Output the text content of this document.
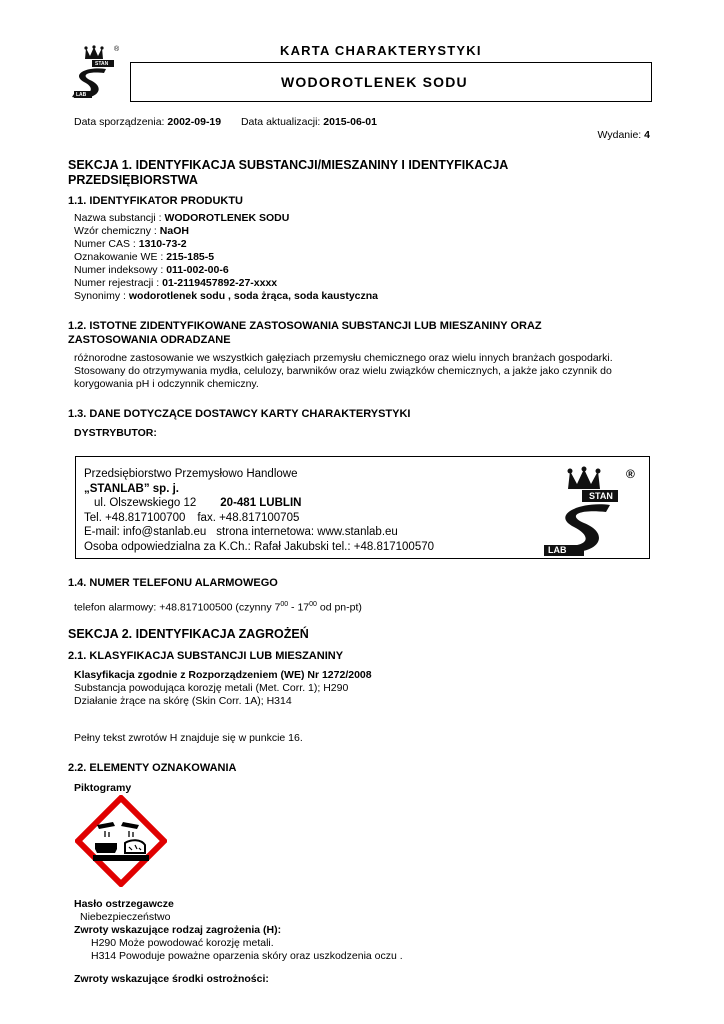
STAN
LAB
®	KARTA CHARAKTERYSTYKI
WODOROTLENEK SODU
Data sporządzenia: 2002-09-19 Data aktualizacji: 2015-06-01
Wydanie: 4
SEKCJA 1. IDENTYFIKACJA SUBSTANCJI/MIESZANINY I IDENTYFIKACJA
PRZEDSIĘBIORSTWA
1.1. IDENTYFIKATOR PRODUKTU
Nazwa substancji : WODOROTLENEK SODU
Wzór chemiczny : NaOH
Numer CAS : 1310-73-2
Oznakowanie WE : 215-185-5
Numer indeksowy : 011-002-00-6
Numer rejestracji : 01-2119457892-27-xxxx
Synonimy : wodorotlenek sodu , soda żrąca, soda kaustyczna
1.2. ISTOTNE ZIDENTYFIKOWANE ZASTOSOWANIA SUBSTANCJI LUB MIESZANINY ORAZ
ZASTOSOWANIA ODRADZANE
różnorodne zastosowanie we wszystkich gałęziach przemysłu chemicznego oraz wielu innych branżach gospodarki.
Stosowany do otrzymywania mydła, celulozy, barwników oraz wielu związków chemicznych, a jakże jako czynnik do
korygowania pH i odczynnik chemiczny.
1.3. DANE DOTYCZĄCE DOSTAWCY KARTY CHARAKTERYSTYKI
DYSTRYBUTOR:
Przedsiębiorstwo Przemysłowo Handlowe
„STANLAB” sp. j.
ul. Olszewskiego 12 20-481 LUBLIN
Tel. +48.817100700 fax. +48.817100705
E-mail: info@stanlab.eu strona internetowa: www.stanlab.eu
Osoba odpowiedzialna za K.Ch.: Rafał Jakubski tel.: +48.817100570
STAN
LAB
®
1.4. NUMER TELEFONU ALARMOWEGO
telefon alarmowy: +48.817100500 (czynny $7^{00} - 17^{00}$ od pn-pt)
SEKCJA 2. IDENTYFIKACJA ZAGROŻEŃ
2.1. KLASYFIKACJA SUBSTANCJI LUB MIESZANINY
Klasyfikacja zgodnie z Rozporządzeniem (WE) Nr 1272/2008
Substancja powodująca korozję metali (Met. Corr. 1); H290
Działanie żrące na skórę (Skin Corr. 1A); H314
Pełny tekst zwrotów H znajduje się w punkcie 16.
2.2. ELEMENTY OZNAKOWANIA
Piktogramy
Hasło ostrzegawcze
Niebezpieczeństwo
Zwroty wskazujące rodzaj zagrożenia (H):
H290 Może powodować korozję metali.
H314 Powoduje poważne oparzenia skóry oraz uszkodzenia oczu .
Zwroty wskazujące środki ostrożności:
